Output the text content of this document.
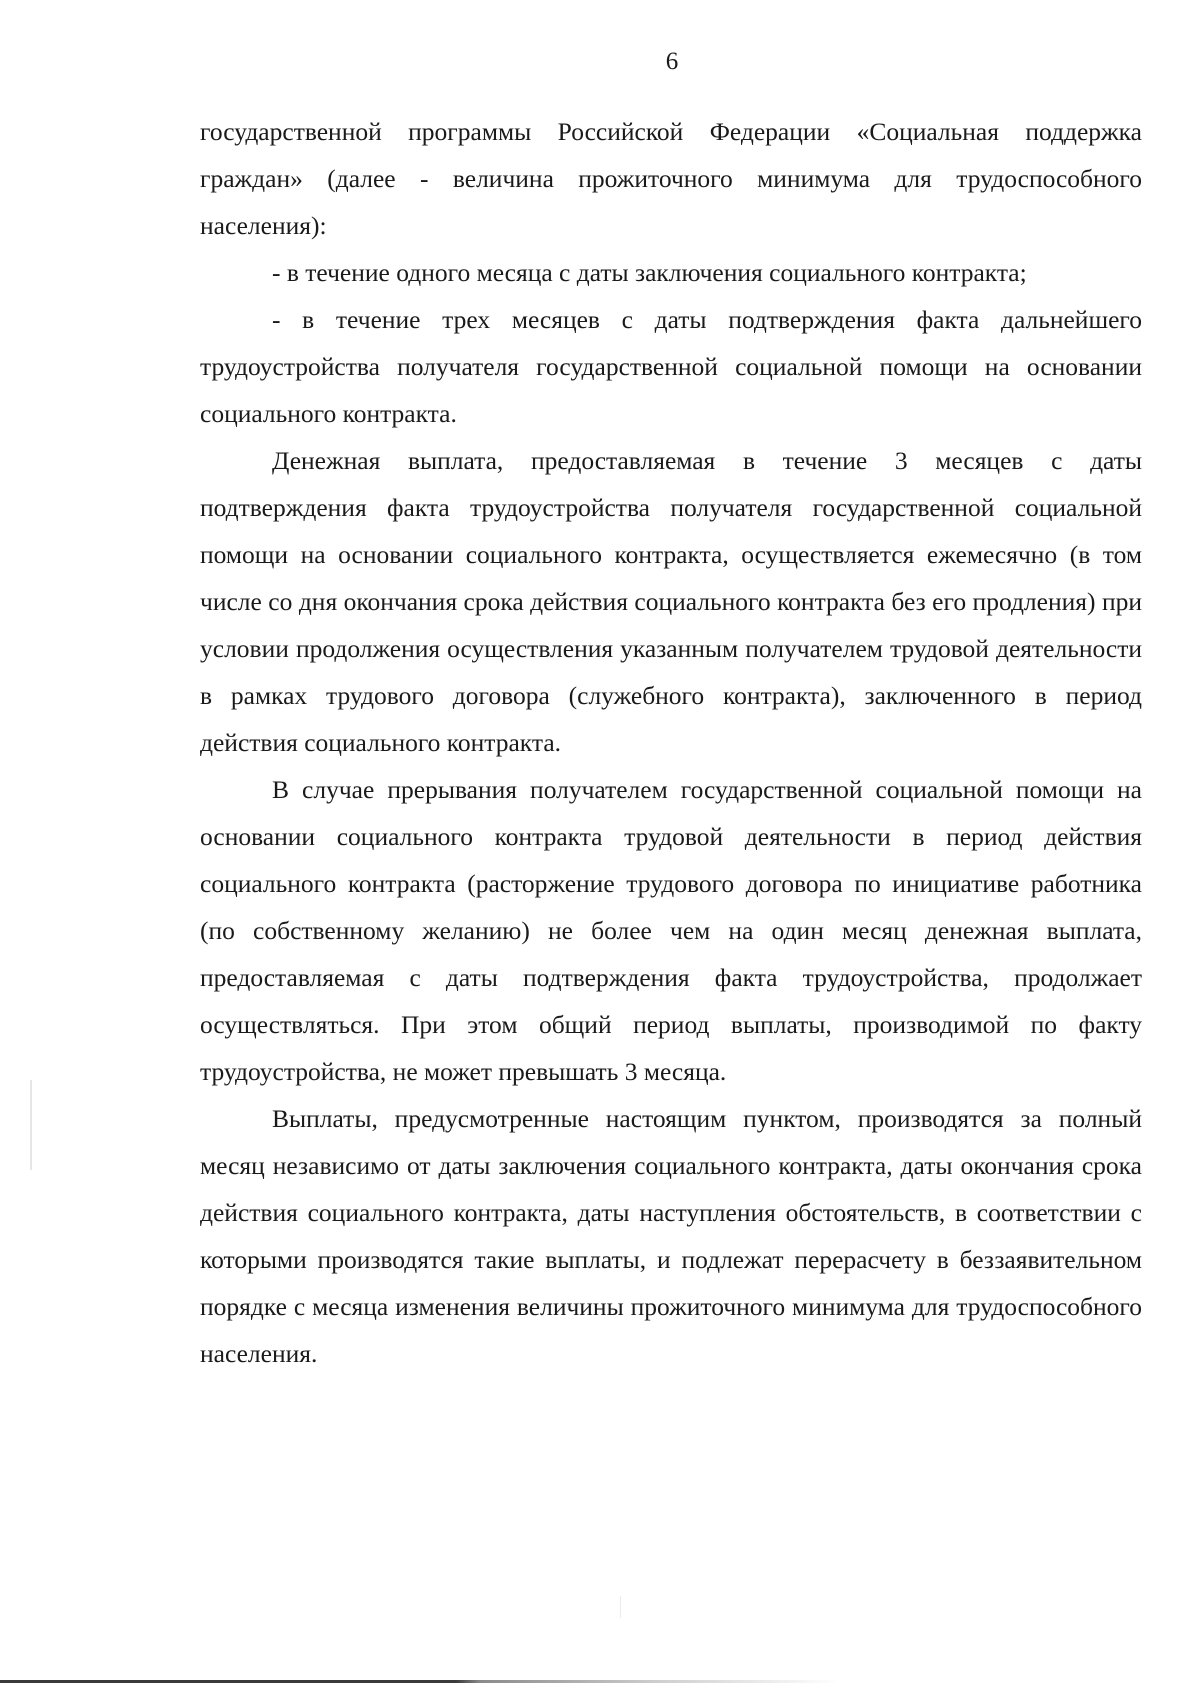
6

государственной программы Российской Федерации «Социальная поддержка граждан» (далее - величина прожиточного минимума для трудоспособного населения):

- в течение одного месяца с даты заключения социального контракта;

- в течение трех месяцев с даты подтверждения факта дальнейшего трудоустройства получателя государственной социальной помощи на основании социального контракта.

Денежная выплата, предоставляемая в течение 3 месяцев с даты подтверждения факта трудоустройства получателя государственной социальной помощи на основании социального контракта, осуществляется ежемесячно (в том числе со дня окончания срока действия социального контракта без его продления) при условии продолжения осуществления указанным получателем трудовой деятельности в рамках трудового договора (служебного контракта), заключенного в период действия социального контракта.

В случае прерывания получателем государственной социальной помощи на основании социального контракта трудовой деятельности в период действия социального контракта (расторжение трудового договора по инициативе работника (по собственному желанию) не более чем на один месяц денежная выплата, предоставляемая с даты подтверждения факта трудоустройства, продолжает осуществляться. При этом общий период выплаты, производимой по факту трудоустройства, не может превышать 3 месяца.

Выплаты, предусмотренные настоящим пунктом, производятся за полный месяц независимо от даты заключения социального контракта, даты окончания срока действия социального контракта, даты наступления обстоятельств, в соответствии с которыми производятся такие выплаты, и подлежат перерасчету в беззаявительном порядке с месяца изменения величины прожиточного минимума для трудоспособного населения.
